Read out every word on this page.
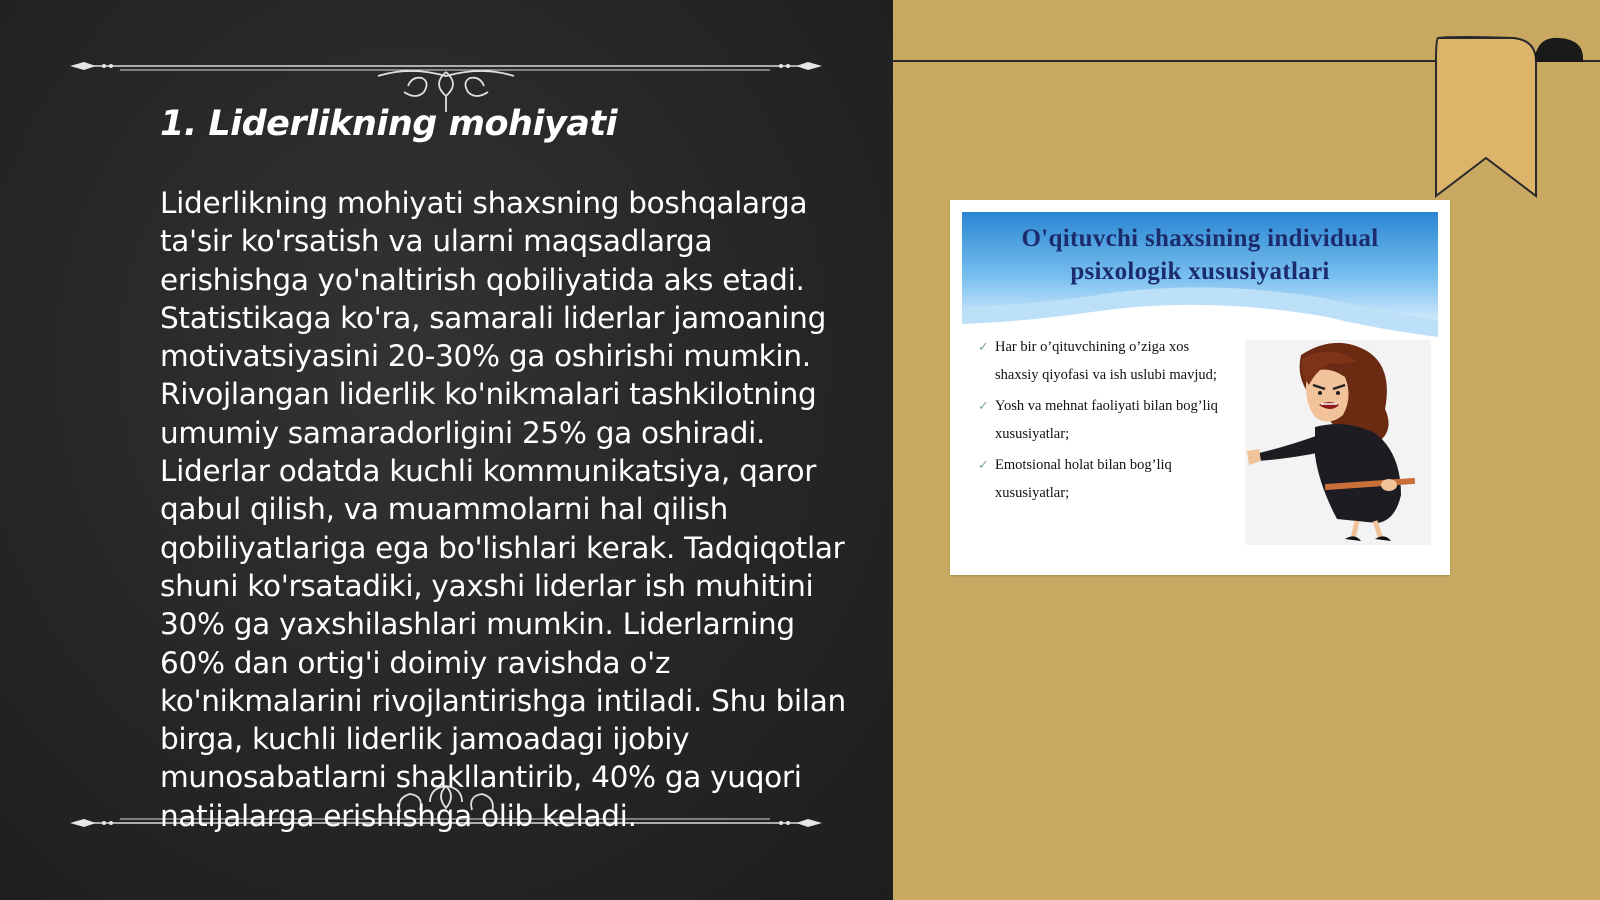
1. Liderlikning mohiyati

Liderlikning mohiyati shaxsning boshqalarga ta'sir ko'rsatish va ularni maqsadlarga erishishga yo'naltirish qobiliyatida aks etadi. Statistikaga ko'ra, samarali liderlar jamoaning motivatsiyasini 20-30% ga oshirishi mumkin. Rivojlangan liderlik ko'nikmalari tashkilotning umumiy samaradorligini 25% ga oshiradi. Liderlar odatda kuchli kommunikatsiya, qaror qabul qilish, va muammolarni hal qilish qobiliyatlariga ega bo'lishlari kerak. Tadqiqotlar shuni ko'rsatadiki, yaxshi liderlar ish muhitini 30% ga yaxshilashlari mumkin. Liderlarning 60% dan ortig'i doimiy ravishda o'z ko'nikmalarini rivojlantirishga intiladi. Shu bilan birga, kuchli liderlik jamoadagi ijobiy munosabatlarni shakllantirib, 40% ga yuqori natijalarga erishishga olib keladi.

O'qituvchi shaxsining individual
psixologik xususiyatlari
✓ Har bir o’qituvchining o’ziga xos
shaxsiy qiyofasi va ish uslubi mavjud;
✓ Yosh va mehnat faoliyati bilan bog’liq
xususiyatlar;
✓ Emotsional holat bilan bog’liq
xususiyatlar;
